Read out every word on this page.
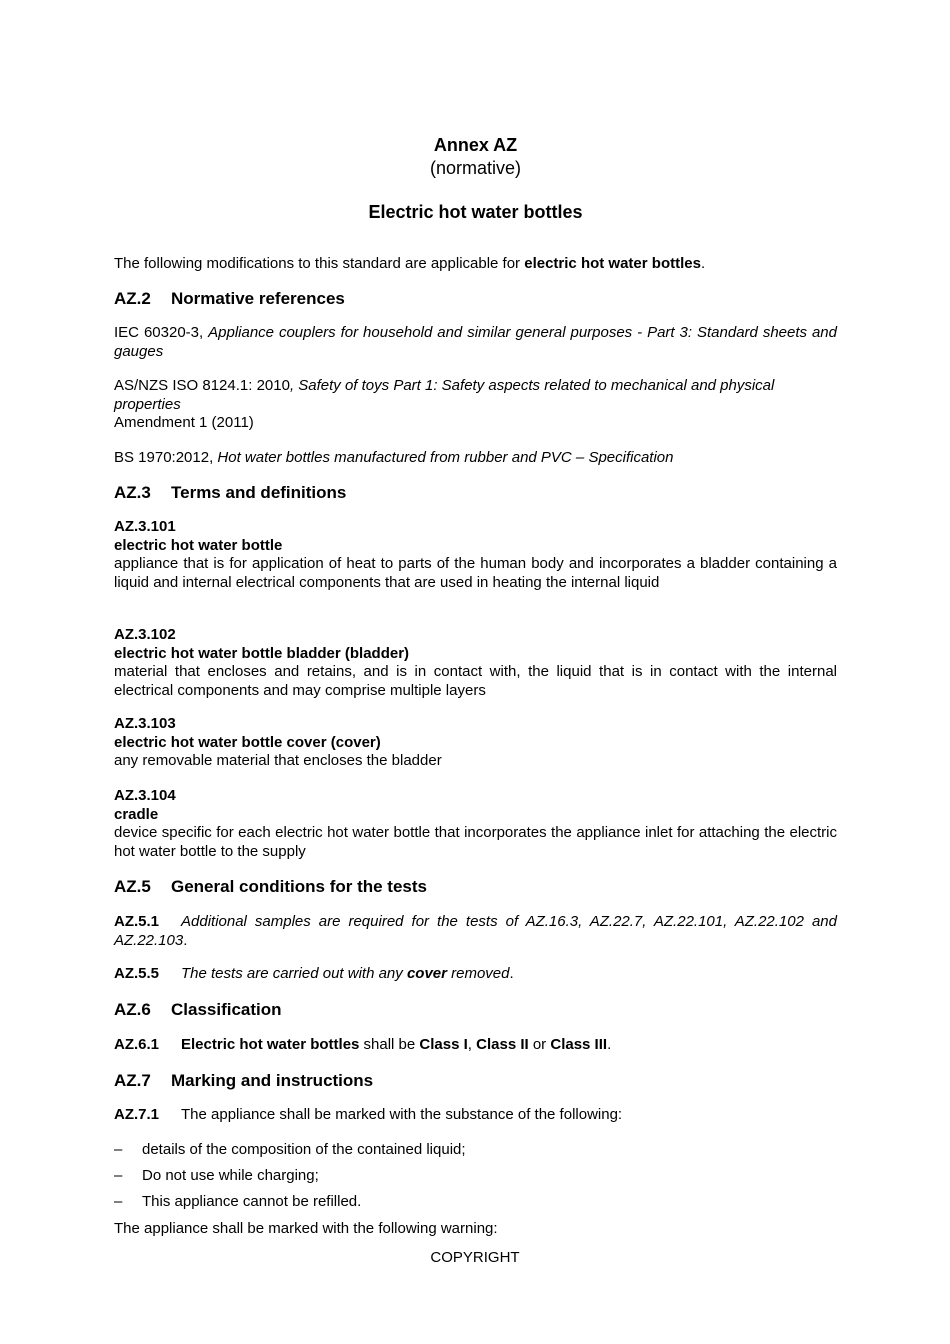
Annex AZ
(normative)
Electric hot water bottles
The following modifications to this standard are applicable for electric hot water bottles.
AZ.2 Normative references
IEC 60320-3, Appliance couplers for household and similar general purposes - Part 3: Standard sheets and gauges
AS/NZS ISO 8124.1: 2010, Safety of toys Part 1: Safety aspects related to mechanical and physical properties
Amendment 1 (2011)
BS 1970:2012, Hot water bottles manufactured from rubber and PVC – Specification
AZ.3 Terms and definitions
AZ.3.101
electric hot water bottle
appliance that is for application of heat to parts of the human body and incorporates a bladder containing a liquid and internal electrical components that are used in heating the internal liquid
AZ.3.102
electric hot water bottle bladder (bladder)
material that encloses and retains, and is in contact with, the liquid that is in contact with the internal electrical components and may comprise multiple layers
AZ.3.103
electric hot water bottle cover (cover)
any removable material that encloses the bladder
AZ.3.104
cradle
device specific for each electric hot water bottle that incorporates the appliance inlet for attaching the electric hot water bottle to the supply
AZ.5 General conditions for the tests
AZ.5.1 Additional samples are required for the tests of AZ.16.3, AZ.22.7, AZ.22.101, AZ.22.102 and AZ.22.103.
AZ.5.5 The tests are carried out with any cover removed.
AZ.6 Classification
AZ.6.1 Electric hot water bottles shall be Class I, Class II or Class III.
AZ.7 Marking and instructions
AZ.7.1 The appliance shall be marked with the substance of the following:
– details of the composition of the contained liquid;
– Do not use while charging;
– This appliance cannot be refilled.
The appliance shall be marked with the following warning:
COPYRIGHT
